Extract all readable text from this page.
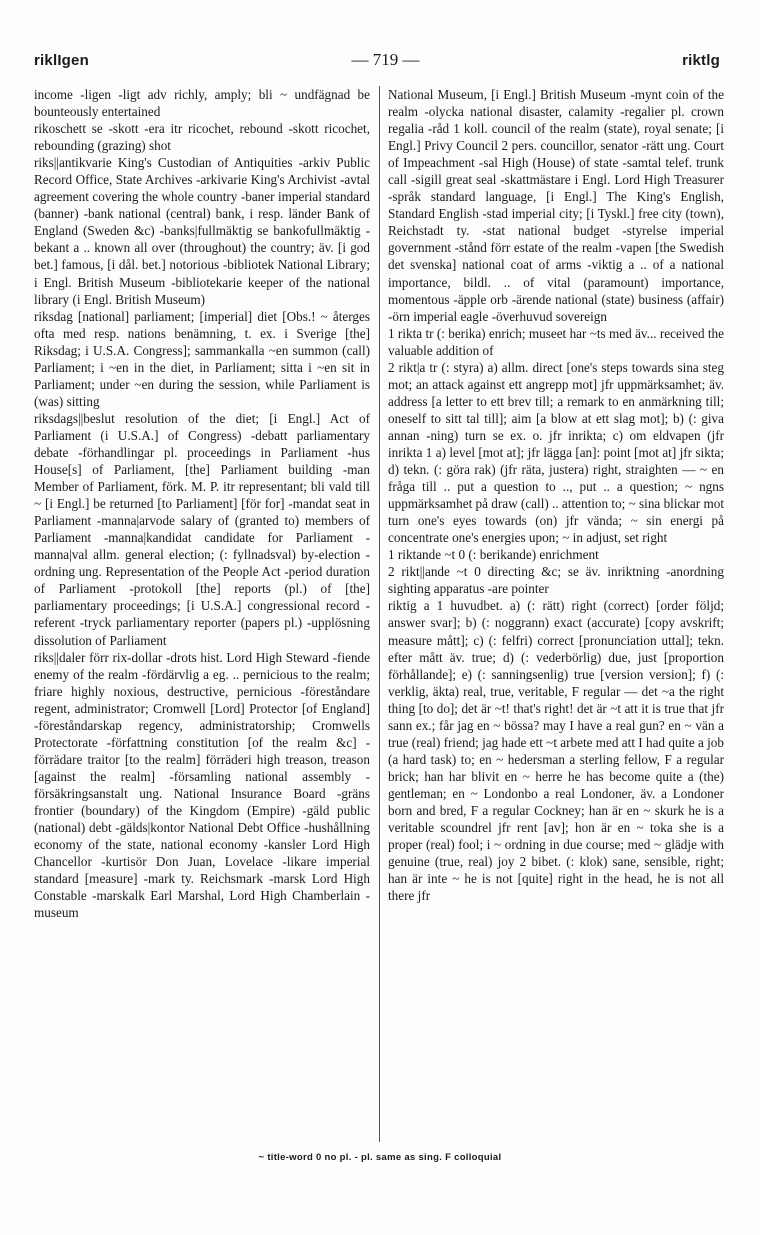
riklIgen	— 719 —	riktlg

income -ligen -ligt adv richly, amply; bli ~ undfägnad be bounteously entertained

rikoschett se -skott -era itr ricochet, rebound -skott ricochet, rebounding (grazing) shot

riks||antikvarie King's Custodian of Antiquities -arkiv Public Record Office, State Archives -arkivarie King's Archivist -avtal agreement covering the whole country -baner imperial standard (banner) -bank national (central) bank, i resp. länder Bank of England (Sweden &c) -banks|fullmäktig se bankofullmäktig -bekant a .. known all over (throughout) the country; äv. [i god bet.] famous, [i dål. bet.] notorious -bibliotek National Library; i Engl. British Museum -bibliotekarie keeper of the national library (i Engl. British Museum)

riksdag [national] parliament; [imperial] diet [Obs.! ~ återges ofta med resp. nations benämning, t. ex. i Sverige [the] Riksdag; i U.S.A. Congress]; sammankalla ~en summon (call) Parliament; i ~en in the diet, in Parliament; sitta i ~en sit in Parliament; under ~en during the session, while Parliament is (was) sitting

riksdags||beslut resolution of the diet; [i Engl.] Act of Parliament (i U.S.A.] of Congress) -debatt parliamentary debate -förhandlingar pl. proceedings in Parliament -hus House[s] of Parliament, [the] Parliament building -man Member of Parliament, förk. M. P. itr representant; bli vald till ~ [i Engl.] be returned [to Parliament] [för for] -mandat seat in Parliament -manna|arvode salary of (granted to) members of Parliament -manna|kandidat candidate for Parliament -manna|val allm. general election; (: fyllnadsval) by-election -ordning ung. Representation of the People Act -period duration of Parliament -protokoll [the] reports (pl.) of [the] parliamentary proceedings; [i U.S.A.] congressional record -referent -tryck parliamentary reporter (papers pl.) -upplösning dissolution of Parliament

riks||daler förr rix-dollar -drots hist. Lord High Steward -fiende enemy of the realm -fördärvlig a eg. .. pernicious to the realm; friare highly noxious, destructive, pernicious -föreståndare regent, administrator; Cromwell [Lord] Protector [of England] -föreståndarskap regency, administratorship; Cromwells Protectorate -författning constitution [of the realm &c] -förrädare traitor [to the realm] förräderi high treason, treason [against the realm] -församling national assembly -försäkringsanstalt ung. National Insurance Board -gräns frontier (boundary) of the Kingdom (Empire) -gäld public (national) debt -gälds|kontor National Debt Office -hushållning economy of the state, national economy -kansler Lord High Chancellor -kurtisör Don Juan, Lovelace -likare imperial standard [measure] -mark ty. Reichsmark -marsk Lord High Constable -marskalk Earl Marshal, Lord High Chamberlain -museum

National Museum, [i Engl.] British Museum -mynt coin of the realm -olycka national disaster, calamity -regalier pl. crown regalia -råd 1 koll. council of the realm (state), royal senate; [i Engl.] Privy Council 2 pers. councillor, senator -rätt ung. Court of Impeachment -sal High (House) of state -samtal telef. trunk call -sigill great seal -skattmästare i Engl. Lord High Treasurer -språk standard language, [i Engl.] The King's English, Standard English -stad imperial city; [i Tyskl.] free city (town), Reichstadt ty. -stat national budget -styrelse imperial government -stånd förr estate of the realm -vapen [the Swedish det svenska] national coat of arms -viktig a .. of a national importance, bildl. .. of vital (paramount) importance, momentous -äpple orb -ärende national (state) business (affair) -örn imperial eagle -överhuvud sovereign

1 rikta tr (: berika) enrich; museet har ~ts med äv... received the valuable addition of

2 rikt|a tr (: styra) a) allm. direct [one's steps towards sina steg mot; an attack against ett angrepp mot] jfr uppmärksamhet; äv. address [a letter to ett brev till; a remark to en anmärkning till; oneself to sitt tal till]; aim [a blow at ett slag mot]; b) (: giva annan -ning) turn se ex. o. jfr inrikta; c) om eldvapen (jfr inrikta 1 a) level [mot at]; jfr lägga [an]: point [mot at] jfr sikta; d) tekn. (: göra rak) (jfr räta, justera) right, straighten — ~ en fråga till .. put a question to .., put .. a question; ~ ngns uppmärksamhet på draw (call) .. attention to; ~ sina blickar mot turn one's eyes towards (on) jfr vända; ~ sin energi på concentrate one's energies upon; ~ in adjust, set right

1 riktande ~t 0 (: berikande) enrichment

2 rikt||ande ~t 0 directing &c; se äv. inriktning -anordning sighting apparatus -are pointer

riktig a 1 huvudbet. a) (: rätt) right (correct) [order följd; answer svar]; b) (: noggrann) exact (accurate) [copy avskrift; measure mått]; c) (: felfri) correct [pronunciation uttal]; tekn. efter mått äv. true; d) (: vederbörlig) due, just [proportion förhållande]; e) (: sanningsenlig) true [version version]; f) (: verklig, äkta) real, true, veritable, F regular — det ~a the right thing [to do]; det är ~t! that's right! det är ~t att it is true that jfr sann ex.; får jag en ~ bössa? may I have a real gun? en ~ vän a true (real) friend; jag hade ett ~t arbete med att I had quite a job (a hard task) to; en ~ hedersman a sterling fellow, F a regular brick; han har blivit en ~ herre he has become quite a (the) gentleman; en ~ Londonbo a real Londoner, äv. a Londoner born and bred, F a regular Cockney; han är en ~ skurk he is a veritable scoundrel jfr rent [av]; hon är en ~ toka she is a proper (real) fool; i ~ ordning in due course; med ~ glädje with genuine (true, real) joy 2 bibet. (: klok) sane, sensible, right; han är inte ~ he is not [quite] right in the head, he is not all there jfr

~ title-word 0 no pl. - pl. same as sing. F colloquial
